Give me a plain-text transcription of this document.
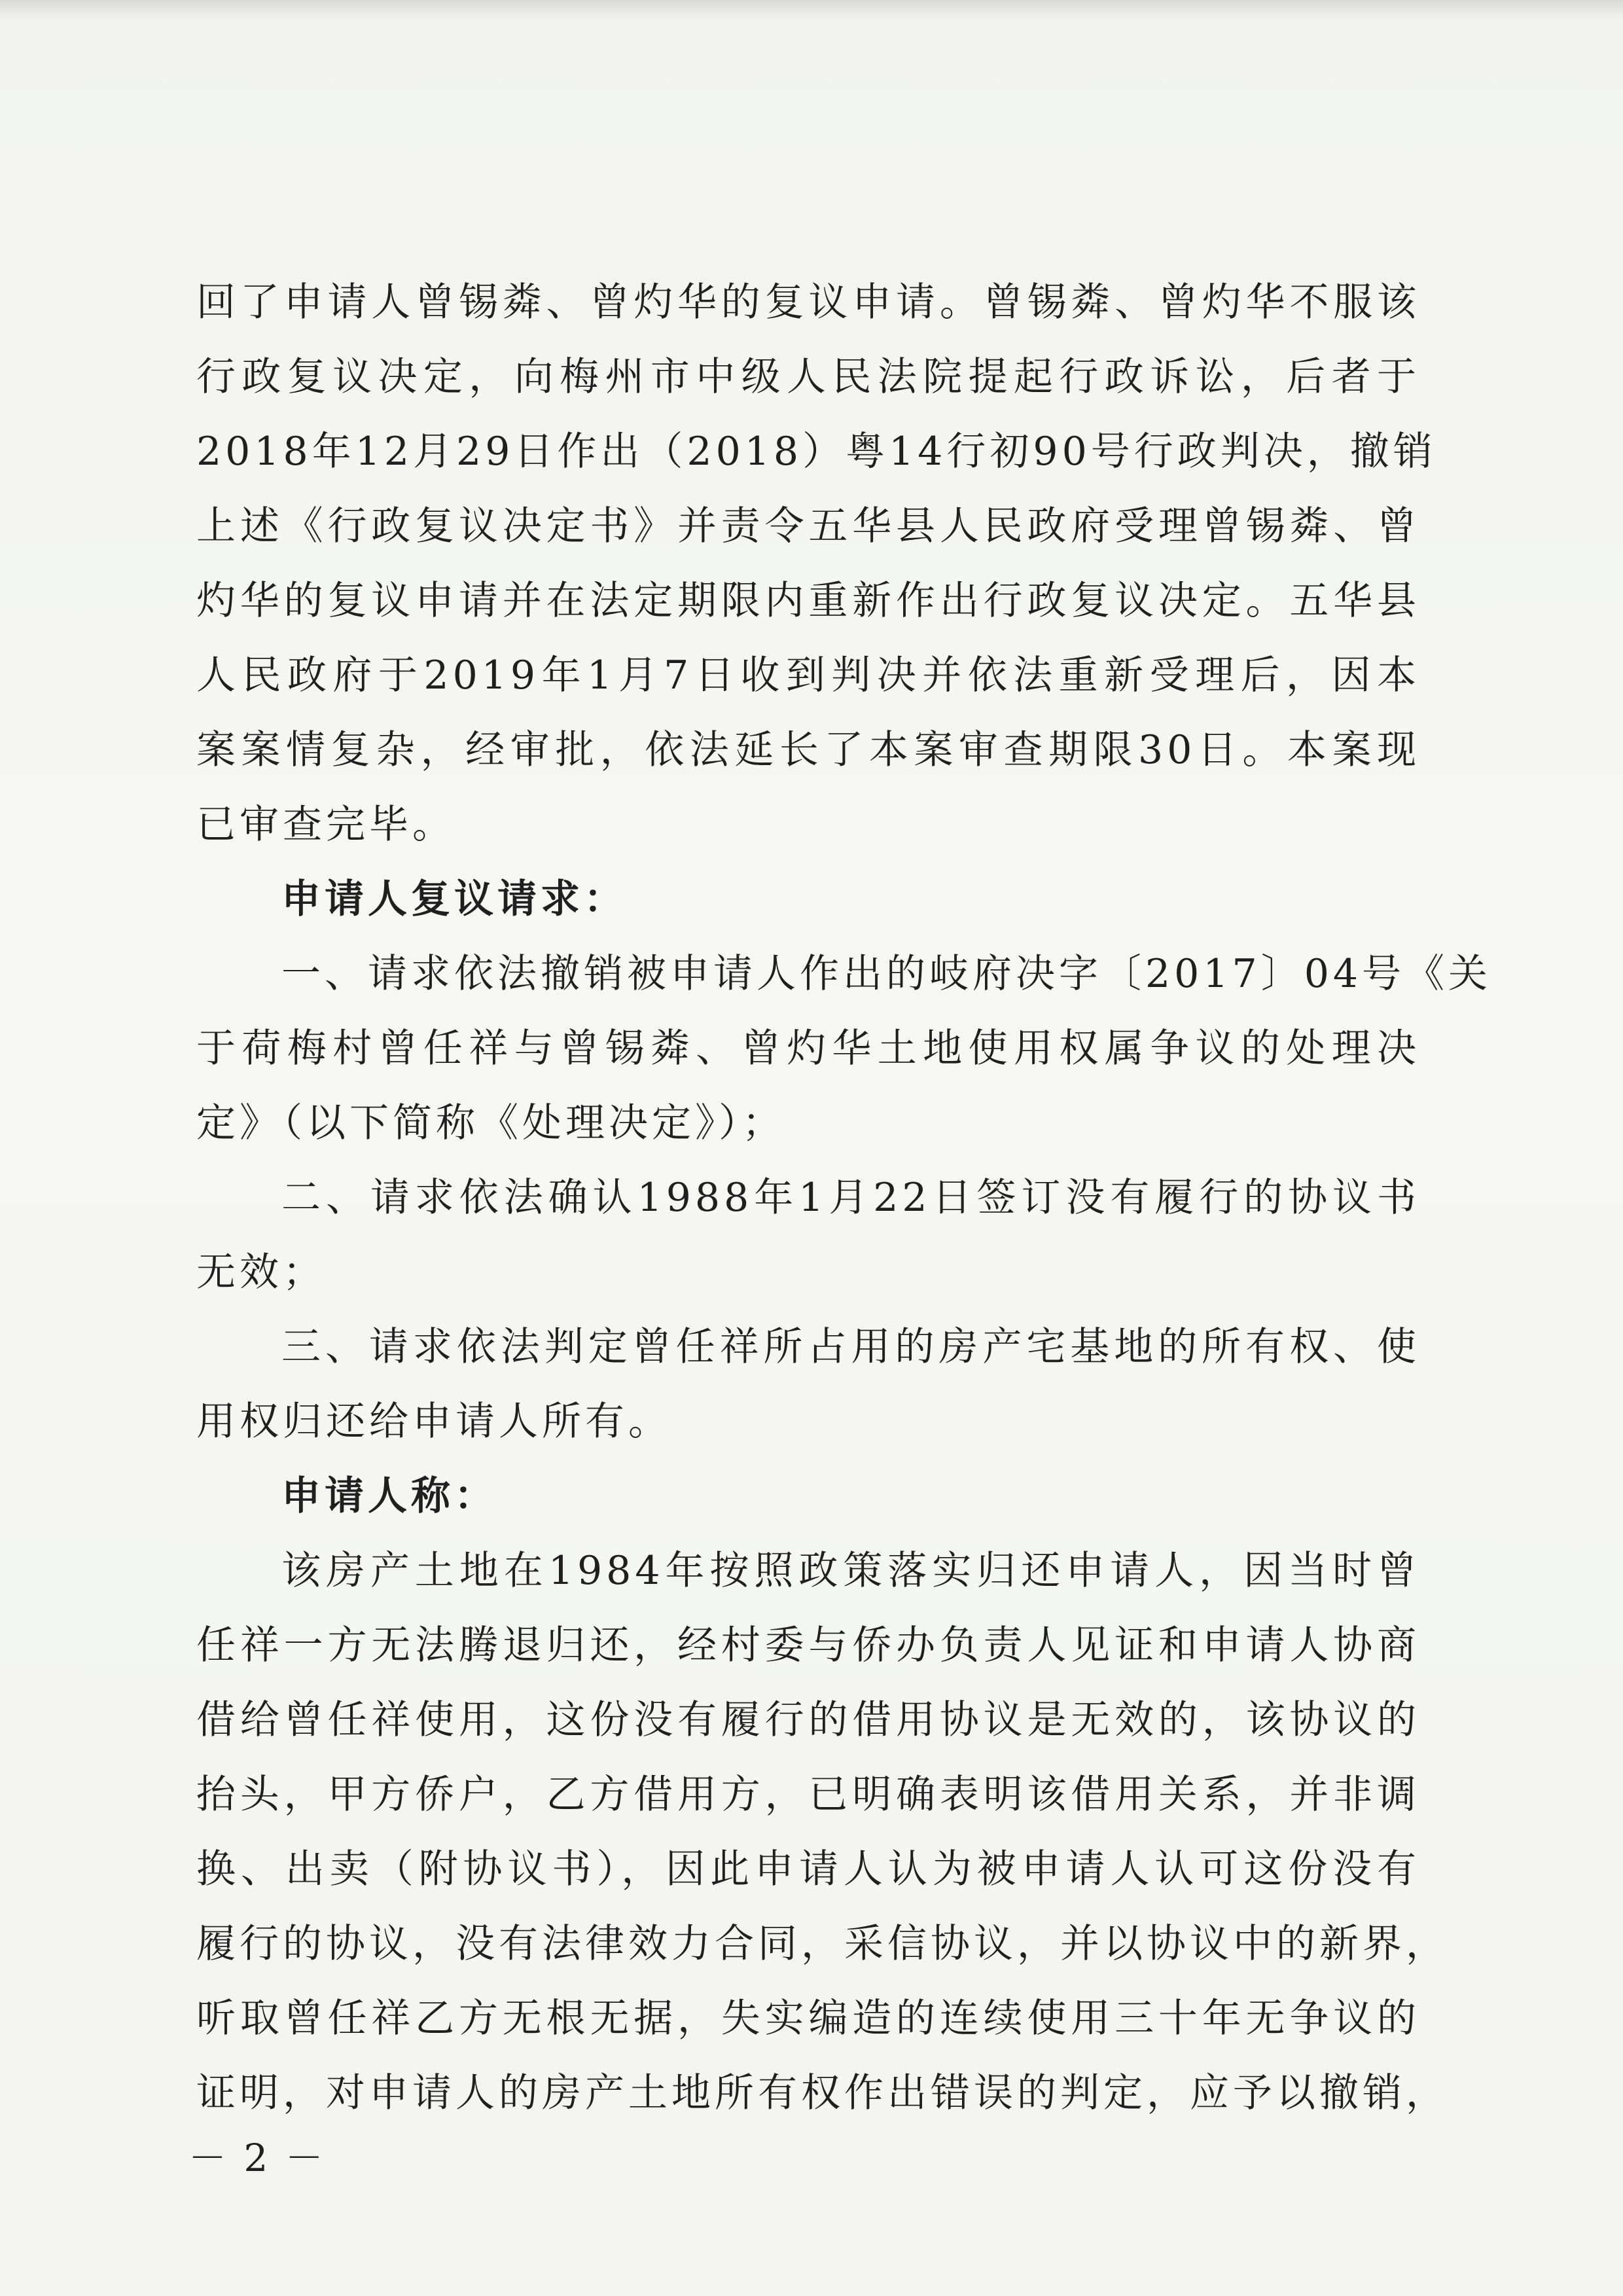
回了申请人曾锡粦、曾灼华的复议申请。曾锡粦、曾灼华不服该
行政复议决定，向梅州市中级人民法院提起行政诉讼，后者于
2018年12月29日作出（2018）粤14行初90号行政判决，撤销
上述《行政复议决定书》并责令五华县人民政府受理曾锡粦、曾
灼华的复议申请并在法定期限内重新作出行政复议决定。五华县
人民政府于2019年1月7日收到判决并依法重新受理后，因本
案案情复杂，经审批，依法延长了本案审查期限30日。本案现
已审查完毕。
申请人复议请求：
一、请求依法撤销被申请人作出的岐府决字〔2017〕04号《关
于荷梅村曾任祥与曾锡粦、曾灼华土地使用权属争议的处理决
定》（以下简称《处理决定》）；
二、请求依法确认1988年1月22日签订没有履行的协议书
无效；
三、请求依法判定曾任祥所占用的房产宅基地的所有权、使
用权归还给申请人所有。
申请人称：
该房产土地在1984年按照政策落实归还申请人，因当时曾
任祥一方无法腾退归还，经村委与侨办负责人见证和申请人协商
借给曾任祥使用，这份没有履行的借用协议是无效的，该协议的
抬头，甲方侨户，乙方借用方，已明确表明该借用关系，并非调
换、出卖（附协议书），因此申请人认为被申请人认可这份没有
履行的协议，没有法律效力合同，采信协议，并以协议中的新界，
听取曾任祥乙方无根无据，失实编造的连续使用三十年无争议的
证明，对申请人的房产土地所有权作出错误的判定，应予以撤销，
－ 2 －
